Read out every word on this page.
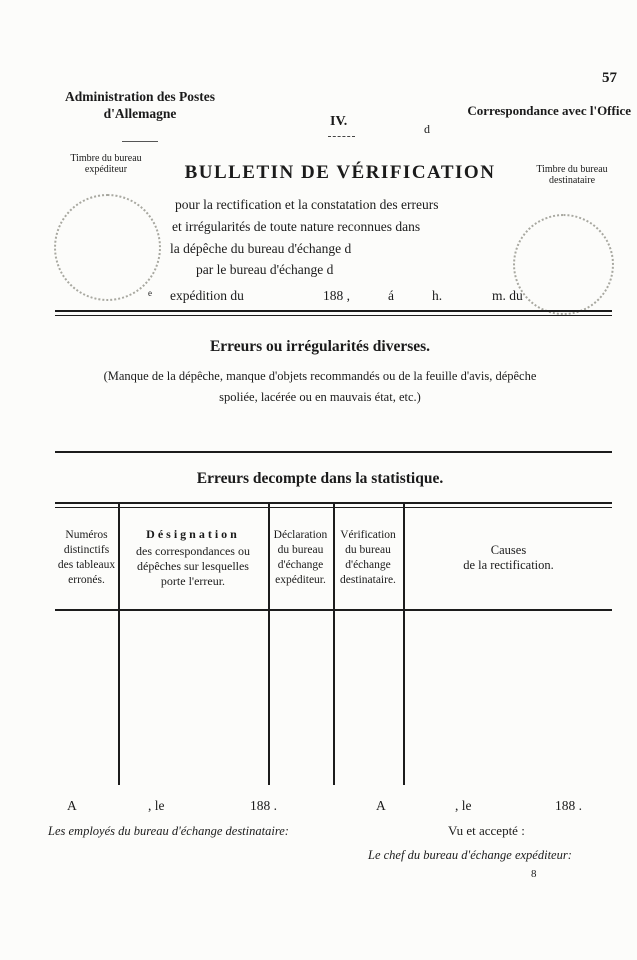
57
Administration des Postes
d'Allemagne
IV.
Correspondance avec l'Office
d
Timbre du bureau
expéditeur	Timbre du bureau
destinataire
BULLETIN DE VÉRIFICATION
pour la rectification et la constatation des erreurs
et irrégularités de toute nature reconnues dans
la dépêche du bureau d'échange d
par le bureau d'échange d
$^e$ expédition du	188 ,	á	h.	m. du
Erreurs ou irrégularités diverses.
(Manque de la dépêche, manque d'objets recommandés ou de la feuille d'avis, dépêche
spoliée, lacérée ou en mauvais état, etc.)
Erreurs decompte dans la statistique.
Numéros distinctifs des tableaux erronés.
Désignation
des correspondances ou dépêches sur lesquelles porte l'erreur.
Déclaration du bureau d'échange expéditeur.
Vérification du bureau d'échange destinataire.
Causes
de la rectification.
A	, le	188 .	A	, le	188 .
Les employés du bureau d'échange destinataire:	Vu et accepté :
Le chef du bureau d'échange expéditeur:
8
